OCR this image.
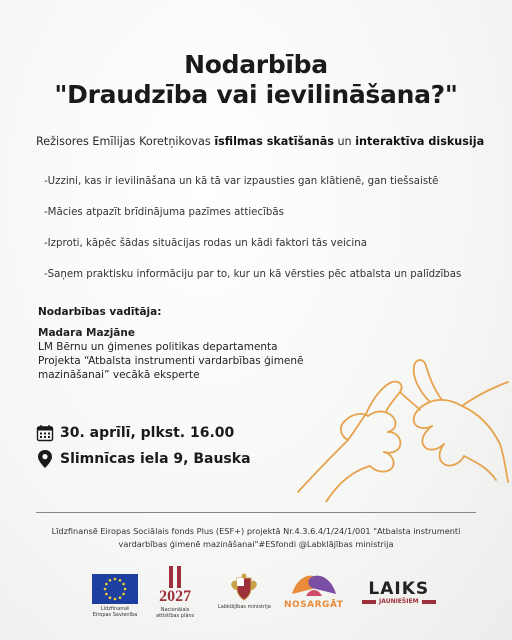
Nodarbība
"Draudzība vai ievilināšana?"
Režisores Emīlijas Koretņikovas īsfilmas skatīšanās un interaktīva diskusija
-Uzzini, kas ir ievilināšana un kā tā var izpausties gan klātienē, gan tiešsaistē
-Mācies atpazīt brīdinājuma pazīmes attiecībās
-Izproti, kāpēc šādas situācijas rodas un kādi faktori tās veicina
-Saņem praktisku informāciju par to, kur un kā vērsties pēc atbalsta un palīdzības
Nodarbības vadītāja:
Madara Mazjāne
LM Bērnu un ģimenes politikas departamenta
Projekta “Atbalsta instrumenti vardarbības ģimenē
mazināšanai” vecākā eksperte
30. aprīlī, plkst. 16.00
Slimnīcas iela 9, Bauska
Līdzfinansē Eiropas Sociālais fonds Plus (ESF+) projektā Nr.4.3.6.4/1/24/1/001 "Atbalsta instrumenti
vardarbības ģimenē mazināšanai"#ESfondi @Labklājības ministrija
Līdzfinansē
Eiropas Savienība
2027
Nacionālais
attīstības plāns
Labklājības ministrija NOSARGĀT
LAIKS
JAUNIEŠIEM
